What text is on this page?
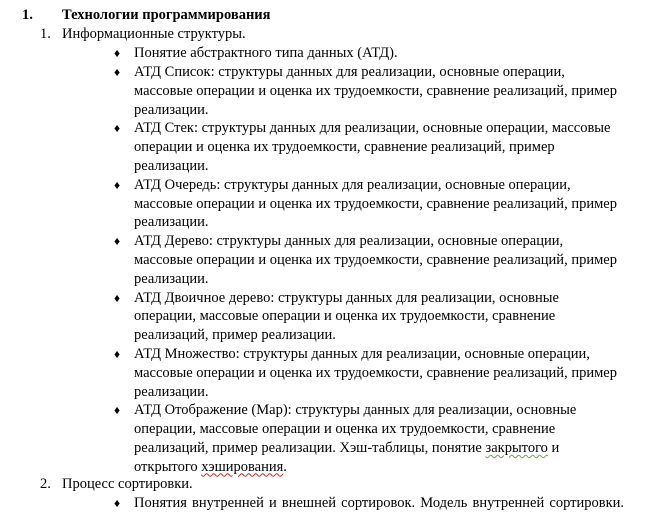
1. Технологии программирования
1. Информационные структуры.
♦ Понятие абстрактного типа данных (АТД).
♦ АТД Список: структуры данных для реализации, основные операции, массовые операции и оценка их трудоемкости, сравнение реализаций, пример реализации.
♦ АТД Стек: структуры данных для реализации, основные операции, массовые операции и оценка их трудоемкости, сравнение реализаций, пример реализации.
♦ АТД Очередь: структуры данных для реализации, основные операции, массовые операции и оценка их трудоемкости, сравнение реализаций, пример реализации.
♦ АТД Дерево: структуры данных для реализации, основные операции, массовые операции и оценка их трудоемкости, сравнение реализаций, пример реализации.
♦ АТД Двоичное дерево: структуры данных для реализации, основные операции, массовые операции и оценка их трудоемкости, сравнение реализаций, пример реализации.
♦ АТД Множество: структуры данных для реализации, основные операции, массовые операции и оценка их трудоемкости, сравнение реализаций, пример реализации.
♦ АТД Отображение (Map): структуры данных для реализации, основные операции, массовые операции и оценка их трудоемкости, сравнение реализаций, пример реализации. Хэш-таблицы, понятие закрытого и открытого хэширования.
2. Процесс сортировки.
♦ Понятия внутренней и внешней сортировок. Модель внутренней сортировки.
